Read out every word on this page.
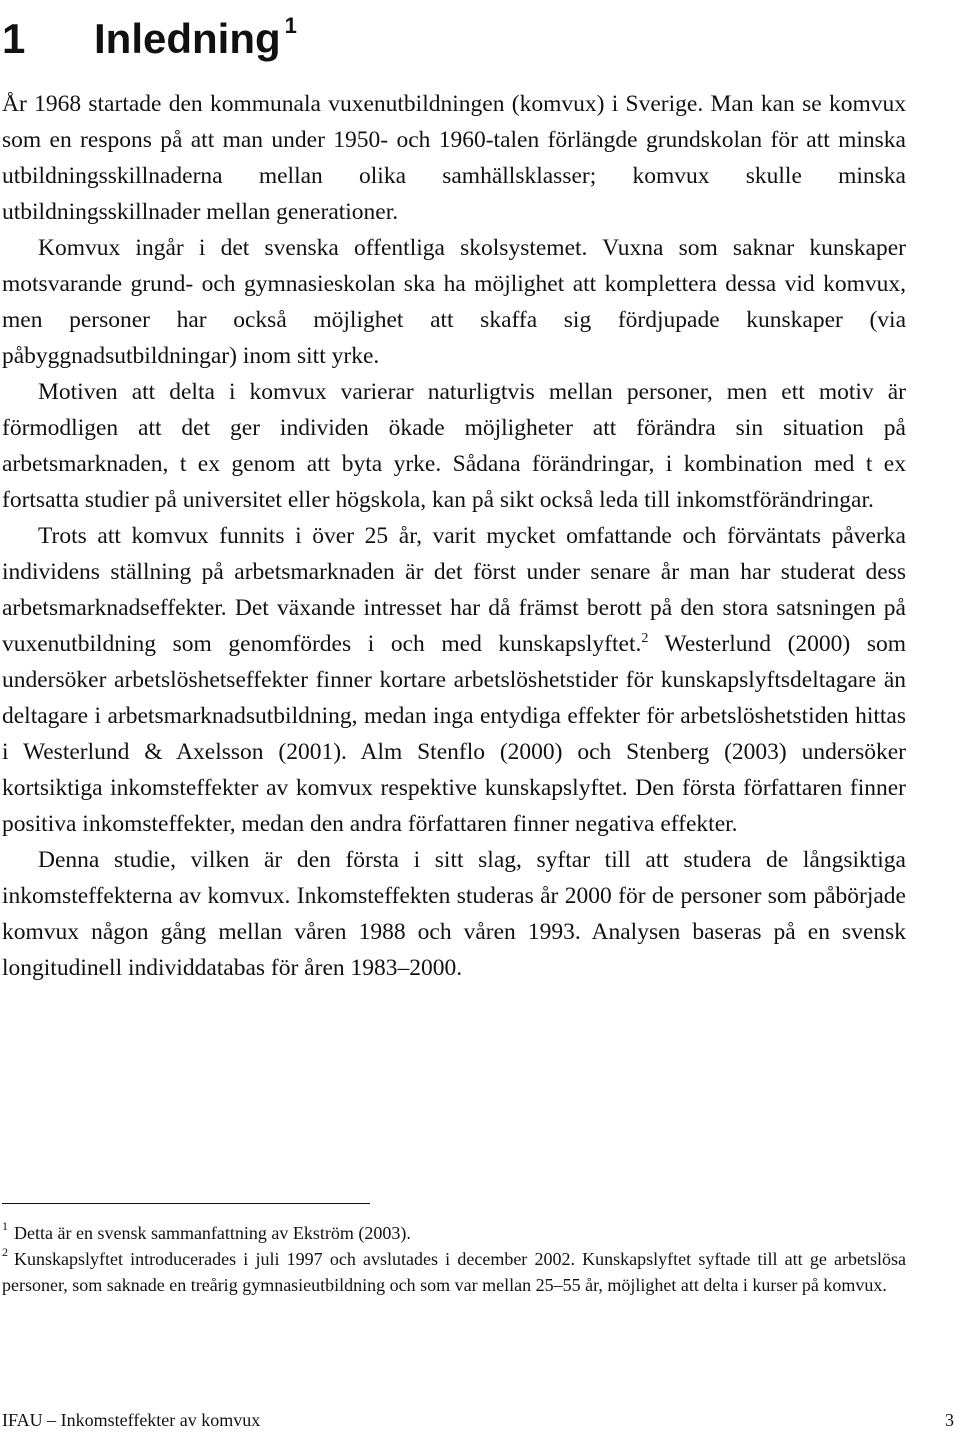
1 Inledning $^1$

År 1968 startade den kommunala vuxenutbildningen (komvux) i Sverige. Man kan se komvux som en respons på att man under 1950- och 1960-talen förlängde grundskolan för att minska utbildningsskillnaderna mellan olika samhällsklasser; komvux skulle minska utbildningsskillnader mellan generationer.

Komvux ingår i det svenska offentliga skolsystemet. Vuxna som saknar kunskaper motsvarande grund- och gymnasieskolan ska ha möjlighet att komplettera dessa vid komvux, men personer har också möjlighet att skaffa sig fördjupade kunskaper (via påbyggnadsutbildningar) inom sitt yrke.

Motiven att delta i komvux varierar naturligtvis mellan personer, men ett motiv är förmodligen att det ger individen ökade möjligheter att förändra sin situation på arbetsmarknaden, t ex genom att byta yrke. Sådana förändringar, i kombination med t ex fortsatta studier på universitet eller högskola, kan på sikt också leda till inkomstförändringar.

Trots att komvux funnits i över 25 år, varit mycket omfattande och förväntats påverka individens ställning på arbetsmarknaden är det först under senare år man har studerat dess arbetsmarknadseffekter. Det växande intresset har då främst berott på den stora satsningen på vuxenutbildning som genomfördes i och med kunskapslyftet.$^2$ Westerlund (2000) som undersöker arbetslöshetseffekter finner kortare arbetslöshetstider för kunskapslyftsdeltagare än deltagare i arbetsmarknadsutbildning, medan inga entydiga effekter för arbetslöshetstiden hittas i Westerlund & Axelsson (2001). Alm Stenflo (2000) och Stenberg (2003) undersöker kortsiktiga inkomsteffekter av komvux respektive kunskapslyftet. Den första författaren finner positiva inkomsteffekter, medan den andra författaren finner negativa effekter.

Denna studie, vilken är den första i sitt slag, syftar till att studera de långsiktiga inkomsteffekterna av komvux. Inkomsteffekten studeras år 2000 för de personer som påbörjade komvux någon gång mellan våren 1988 och våren 1993. Analysen baseras på en svensk longitudinell individdatabas för åren 1983–2000.

$^1$ Detta är en svensk sammanfattning av Ekström (2003).

$^2$ Kunskapslyftet introducerades i juli 1997 och avslutades i december 2002. Kunskapslyftet syftade till att ge arbetslösa personer, som saknade en treårig gymnasieutbildning och som var mellan 25–55 år, möjlighet att delta i kurser på komvux.

IFAU – Inkomsteffekter av komvux	3
